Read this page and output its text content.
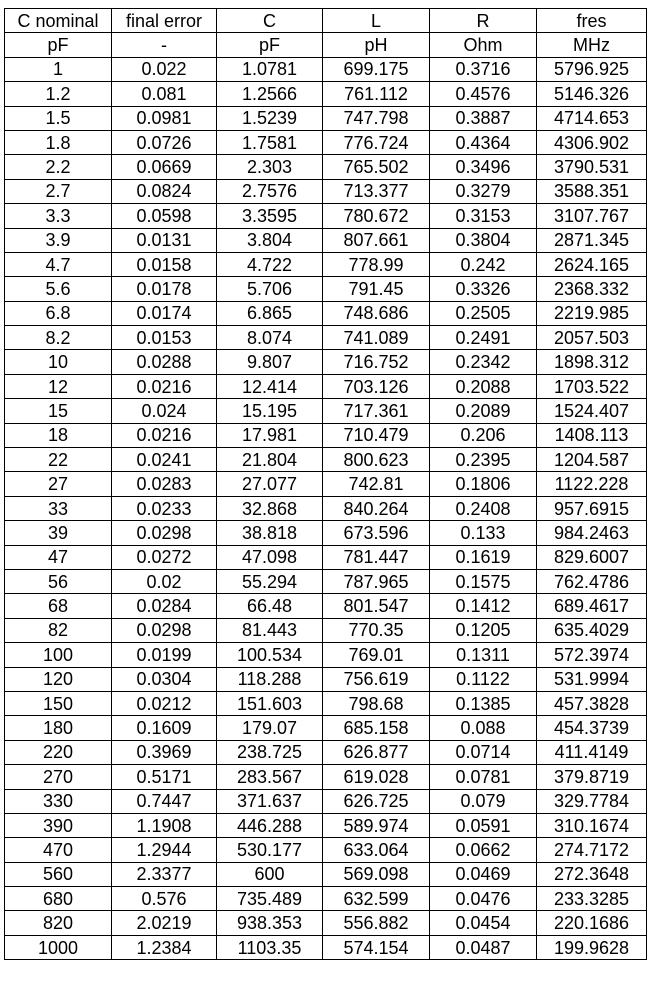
C nominal	final error	C	L	R	fres
pF	-	pF	pH	Ohm	MHz
1	0.022	1.0781	699.175	0.3716	5796.925
1.2	0.081	1.2566	761.112	0.4576	5146.326
1.5	0.0981	1.5239	747.798	0.3887	4714.653
1.8	0.0726	1.7581	776.724	0.4364	4306.902
2.2	0.0669	2.303	765.502	0.3496	3790.531
2.7	0.0824	2.7576	713.377	0.3279	3588.351
3.3	0.0598	3.3595	780.672	0.3153	3107.767
3.9	0.0131	3.804	807.661	0.3804	2871.345
4.7	0.0158	4.722	778.99	0.242	2624.165
5.6	0.0178	5.706	791.45	0.3326	2368.332
6.8	0.0174	6.865	748.686	0.2505	2219.985
8.2	0.0153	8.074	741.089	0.2491	2057.503
10	0.0288	9.807	716.752	0.2342	1898.312
12	0.0216	12.414	703.126	0.2088	1703.522
15	0.024	15.195	717.361	0.2089	1524.407
18	0.0216	17.981	710.479	0.206	1408.113
22	0.0241	21.804	800.623	0.2395	1204.587
27	0.0283	27.077	742.81	0.1806	1122.228
33	0.0233	32.868	840.264	0.2408	957.6915
39	0.0298	38.818	673.596	0.133	984.2463
47	0.0272	47.098	781.447	0.1619	829.6007
56	0.02	55.294	787.965	0.1575	762.4786
68	0.0284	66.48	801.547	0.1412	689.4617
82	0.0298	81.443	770.35	0.1205	635.4029
100	0.0199	100.534	769.01	0.1311	572.3974
120	0.0304	118.288	756.619	0.1122	531.9994
150	0.0212	151.603	798.68	0.1385	457.3828
180	0.1609	179.07	685.158	0.088	454.3739
220	0.3969	238.725	626.877	0.0714	411.4149
270	0.5171	283.567	619.028	0.0781	379.8719
330	0.7447	371.637	626.725	0.079	329.7784
390	1.1908	446.288	589.974	0.0591	310.1674
470	1.2944	530.177	633.064	0.0662	274.7172
560	2.3377	600	569.098	0.0469	272.3648
680	0.576	735.489	632.599	0.0476	233.3285
820	2.0219	938.353	556.882	0.0454	220.1686
1000	1.2384	1103.35	574.154	0.0487	199.9628
